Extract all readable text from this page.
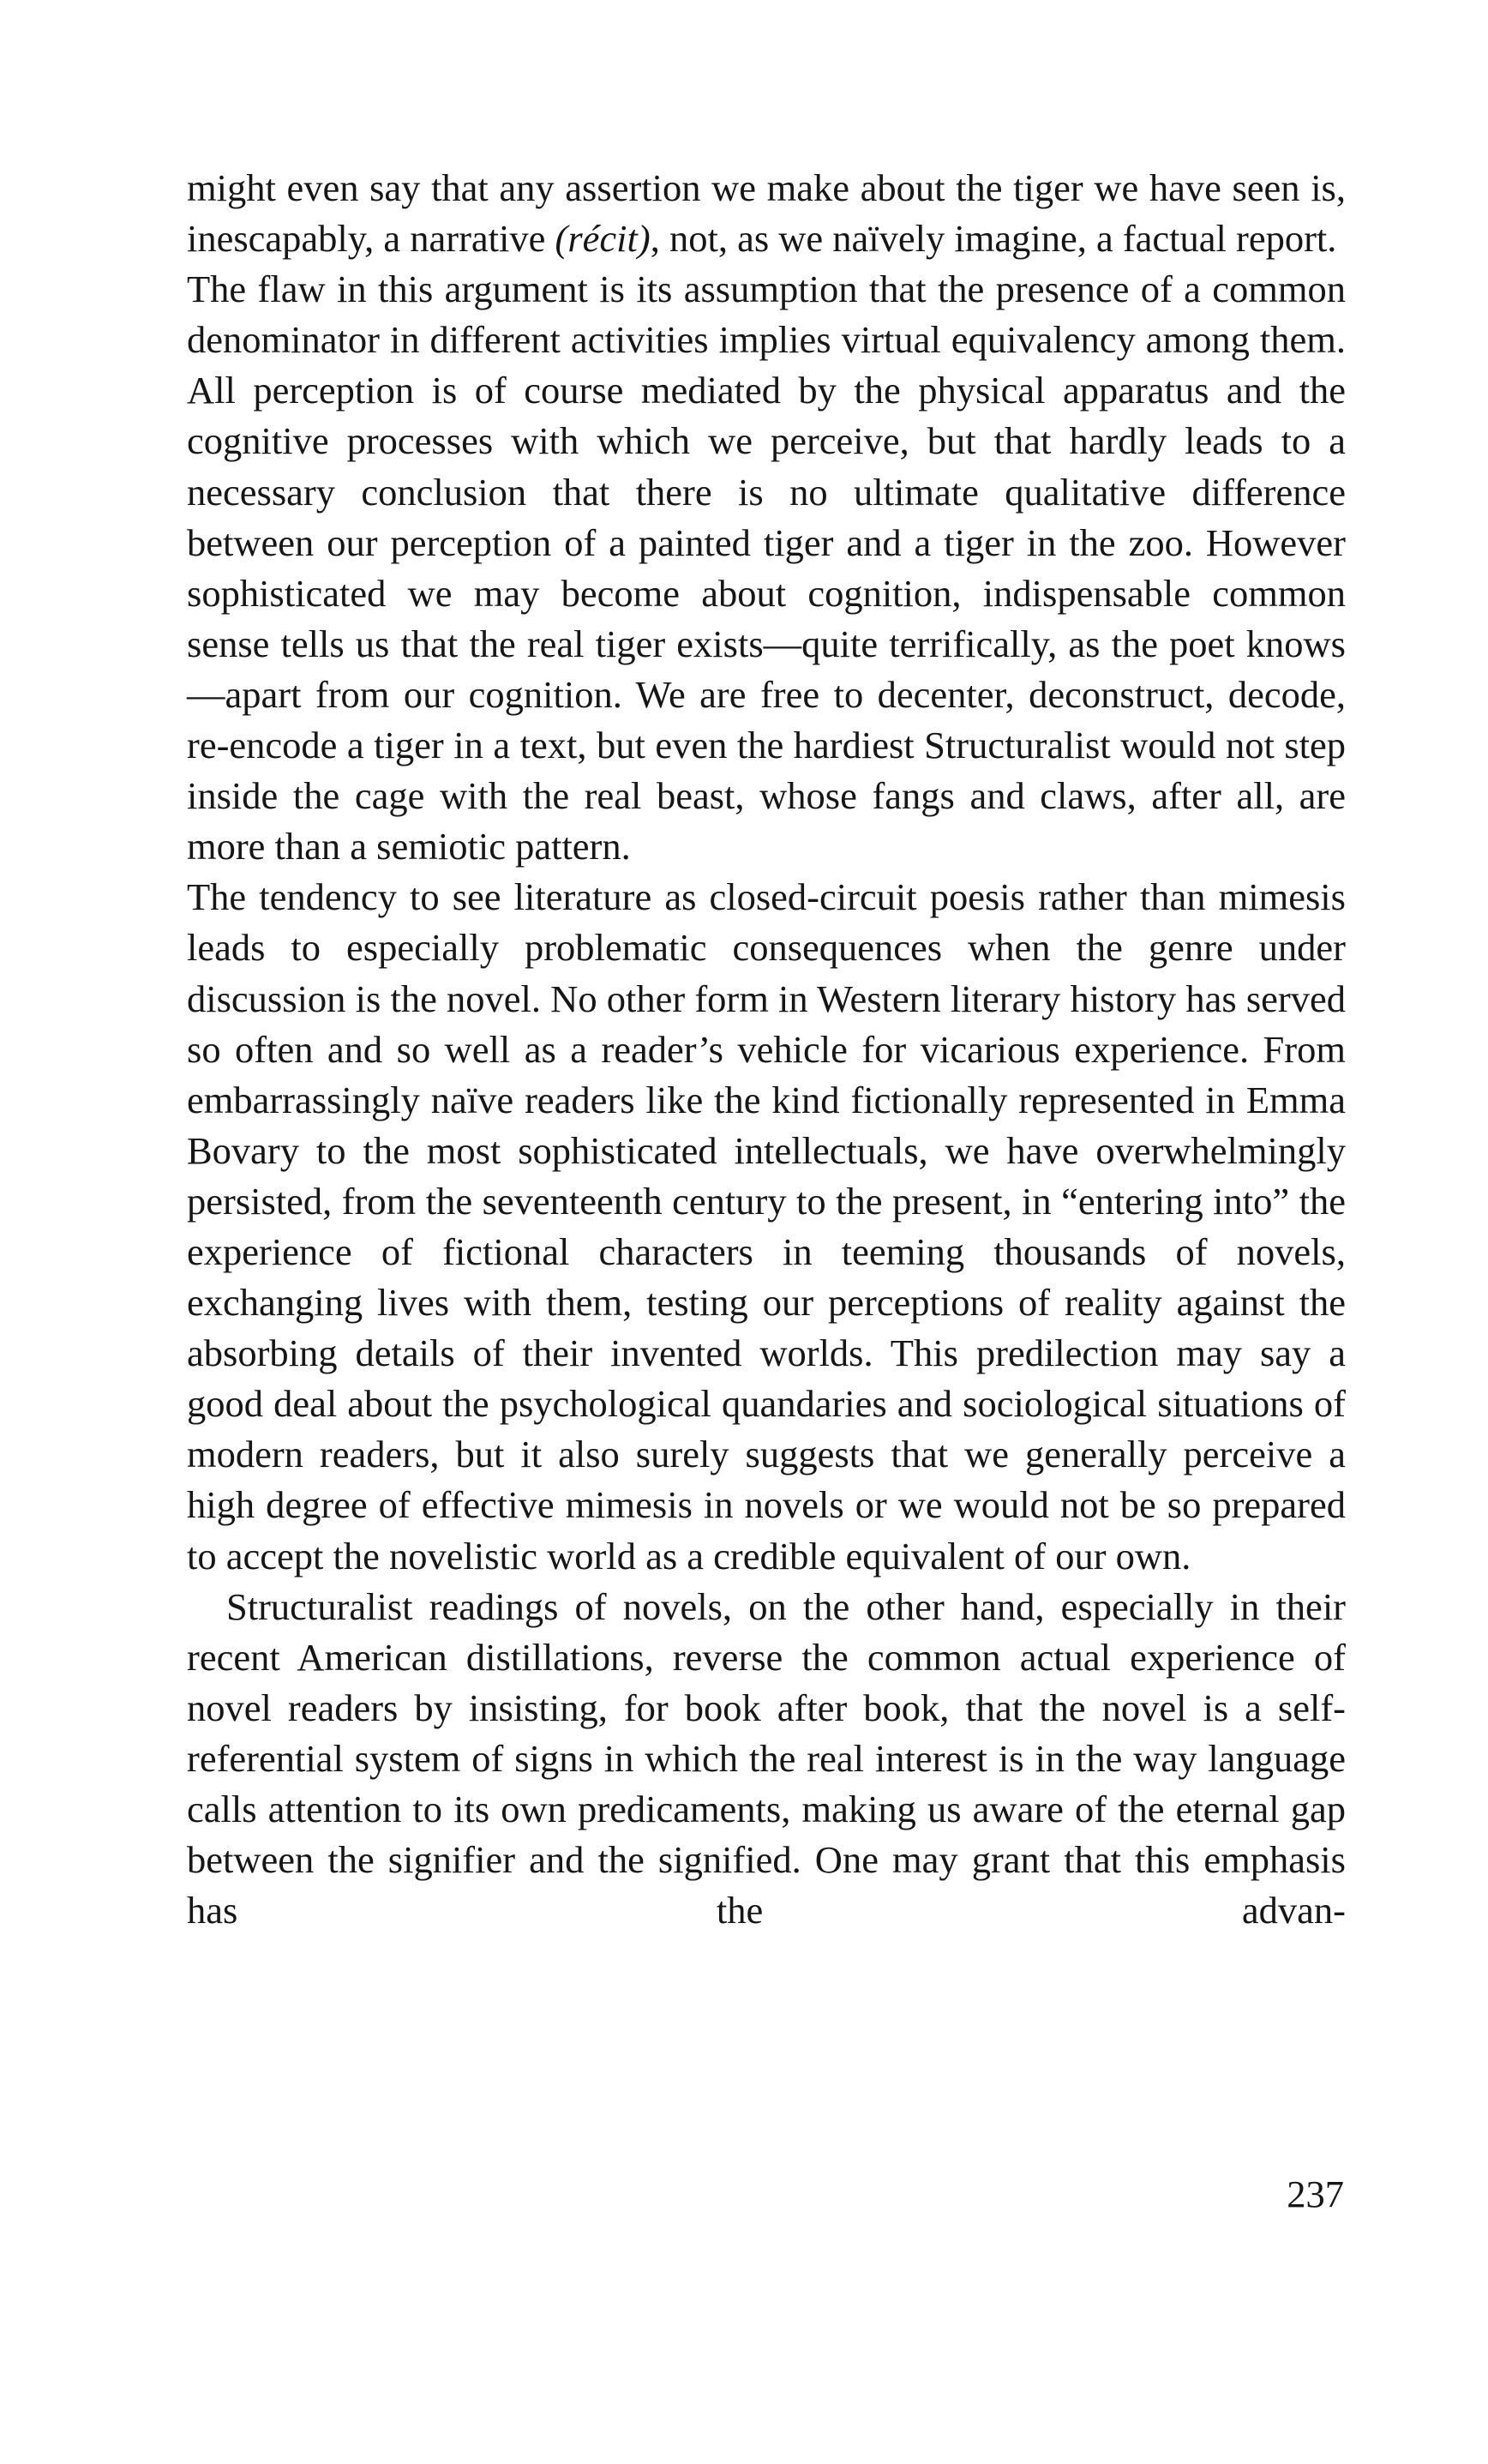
might even say that any assertion we make about the tiger we have seen is, inescapably, a narrative (récit), not, as we naïvely imagine, a factual report.

The flaw in this argument is its assumption that the presence of a common denominator in different activities implies virtual equivalency among them. All perception is of course mediated by the physical apparatus and the cognitive processes with which we perceive, but that hardly leads to a necessary conclusion that there is no ultimate qualitative difference between our perception of a painted tiger and a tiger in the zoo. However sophisticated we may become about cognition, indispensable common sense tells us that the real tiger exists—quite terrifically, as the poet knows—apart from our cognition. We are free to decenter, deconstruct, decode, re-encode a tiger in a text, but even the hardiest Structuralist would not step inside the cage with the real beast, whose fangs and claws, after all, are more than a semiotic pattern.

The tendency to see literature as closed-circuit poesis rather than mimesis leads to especially problematic consequences when the genre under discussion is the novel. No other form in Western literary history has served so often and so well as a reader’s vehicle for vicarious experience. From embarrassingly naïve readers like the kind fictionally represented in Emma Bovary to the most sophisticated intellectuals, we have overwhelmingly persisted, from the seventeenth century to the present, in “entering into” the experience of fictional characters in teeming thousands of novels, exchanging lives with them, testing our perceptions of reality against the absorbing details of their invented worlds. This predilection may say a good deal about the psychological quandaries and sociological situations of modern readers, but it also surely suggests that we generally perceive a high degree of effective mimesis in novels or we would not be so prepared to accept the novelistic world as a credible equivalent of our own.

Structuralist readings of novels, on the other hand, especially in their recent American distillations, reverse the common actual experience of novel readers by insisting, for book after book, that the novel is a self-referential system of signs in which the real interest is in the way language calls attention to its own predicaments, making us aware of the eternal gap between the signifier and the signified. One may grant that this emphasis has the advan-

237
